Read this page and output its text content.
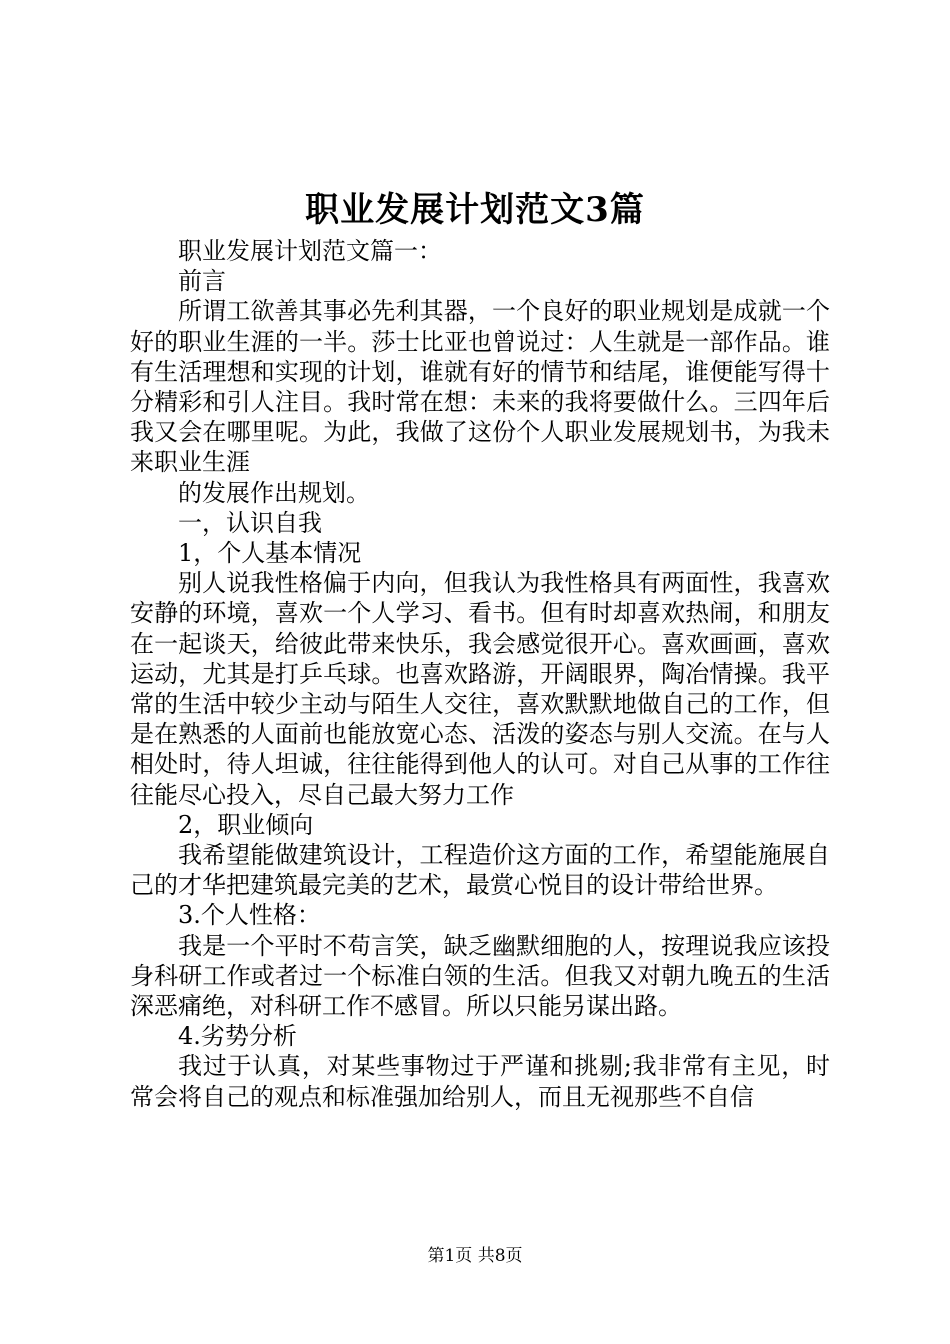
职业发展计划范文3篇

职业发展计划范文篇一：

前言

所谓工欲善其事必先利其器，一个良好的职业规划是成就一个好的职业生涯的一半。莎士比亚也曾说过：人生就是一部作品。谁有生活理想和实现的计划，谁就有好的情节和结尾，谁便能写得十分精彩和引人注目。我时常在想：未来的我将要做什么。三四年后我又会在哪里呢。为此，我做了这份个人职业发展规划书，为我未来职业生涯

的发展作出规划。

一，认识自我

1，个人基本情况

别人说我性格偏于内向，但我认为我性格具有两面性，我喜欢安静的环境，喜欢一个人学习、看书。但有时却喜欢热闹，和朋友在一起谈天，给彼此带来快乐，我会感觉很开心。喜欢画画，喜欢运动，尤其是打乒乓球。也喜欢路游，开阔眼界，陶冶情操。我平常的生活中较少主动与陌生人交往，喜欢默默地做自己的工作，但是在熟悉的人面前也能放宽心态、活泼的姿态与别人交流。在与人相处时，待人坦诚，往往能得到他人的认可。对自己从事的工作往往能尽心投入，尽自己最大努力工作

2，职业倾向

我希望能做建筑设计，工程造价这方面的工作，希望能施展自己的才华把建筑最完美的艺术，最赏心悦目的设计带给世界。

3.个人性格：

我是一个平时不苟言笑，缺乏幽默细胞的人，按理说我应该投身科研工作或者过一个标准白领的生活。但我又对朝九晚五的生活深恶痛绝，对科研工作不感冒。所以只能另谋出路。

4.劣势分析

我过于认真，对某些事物过于严谨和挑剔;我非常有主见，时常会将自己的观点和标准强加给别人，而且无视那些不自信

第1页 共8页
